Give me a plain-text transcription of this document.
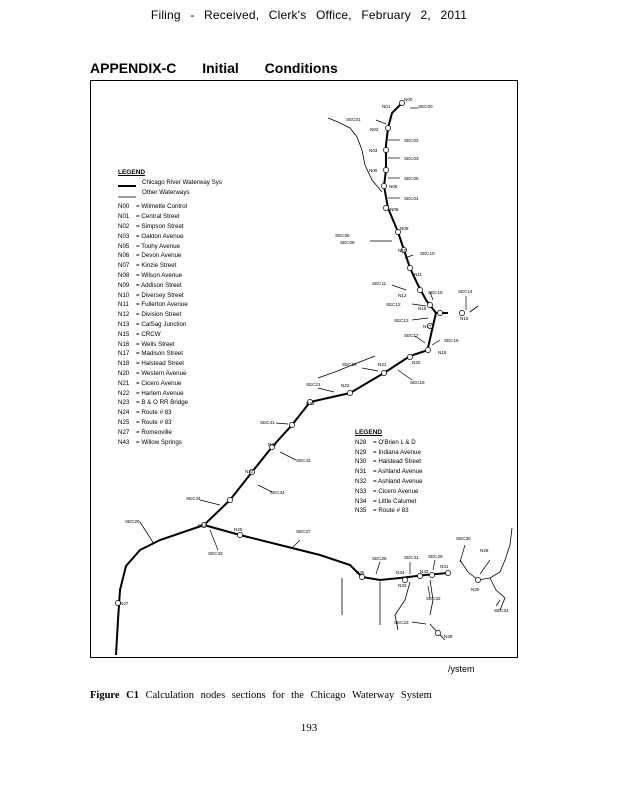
Filing - Received, Clerk's Office, February 2, 2011
APPENDIX-C Initial Conditions
N00
N01
N02
N03
N05
N06
N08
N09
N10
N11
N12
N13
N15
N16
N17
N18
N20
N21
N22
N23
N24
N25
N27
N43
N28
N29
N30
N31
N32
N33
N34
N35
SEC00
SEC01
SEC02
SEC03
SEC04
SEC05
SEC06
SEC08
SEC10
SEC11
SEC12
SEC13
SEC15	SEC14
SEC16
SEC17
SEC18
SEC19
SEC21
SEC41
SEC42
SEC34
SEC44
SEC26
SEC33
SEC27
SEC28	SEC31 SEC29
SEC30
SEC32
SEC24
SEC23
LEGEND
Chicago River Waterway Sys
Other Waterways
N00 = Wilmette Control
N01 = Central Street
N02 = Simpson Street
N03 = Oakton Avenue
N05 = Touhy Avenue
N06 = Devon Avenue
N07 = Kinzie Street
N08 = Wilson Avenue
N09 = Addison Street
N10 = Diversey Street
N11 = Fullerton Avenue
N12 = Division Street
N13 = CalSag Junction
N15 = CRCW
N16 = Wells Street
N17 = Madison Street
N18 = Halstead Street
N20 = Western Avenue
N21 = Cicero Avenue
N22 = Harlem Avenue
N23 = B & O RR Bridge
N24 = Route # 83
N25 = Route # 83
N27 = Romeoville
N43 = Willow Springs
LEGEND
N28 = O'Brien L & D
N29 = Indiana Avenue
N30 = Halstead Street
N31 = Ashland Avenue
N32 = Ashland Avenue
N33 = Cicero Avenue
N34 = Little Calumet
N35 = Route # 83
/ystem
Figure C1 Calculation nodes sections for the Chicago Waterway System
193
